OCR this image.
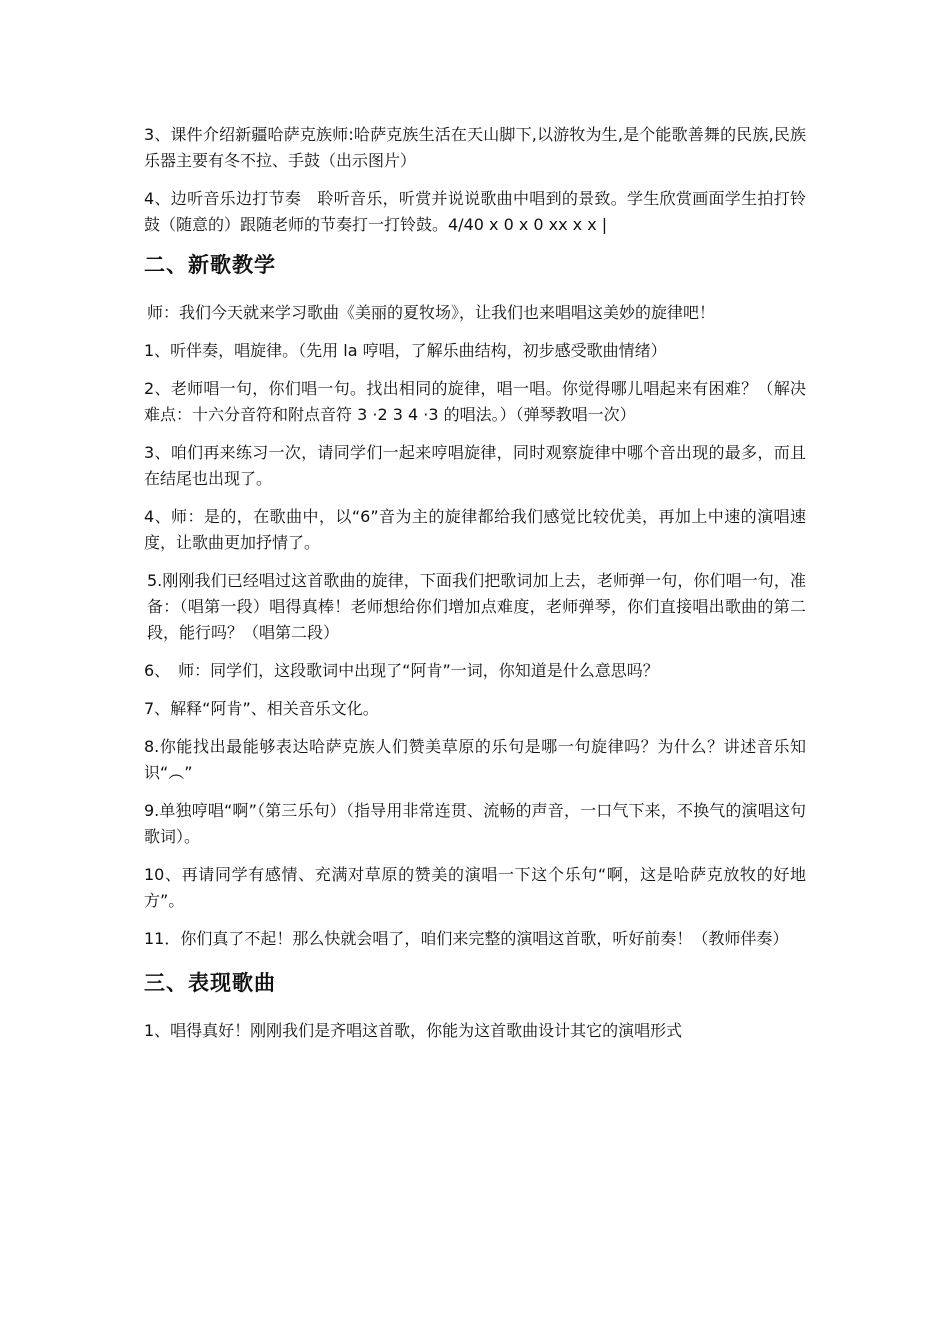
3、课件介绍新疆哈萨克族师:哈萨克族生活在天山脚下,以游牧为生,是个能歌善舞的民族,民族乐器主要有冬不拉、手鼓（出示图片）

4、边听音乐边打节奏　聆听音乐，听赏并说说歌曲中唱到的景致。学生欣赏画面学生拍打铃鼓（随意的）跟随老师的节奏打一打铃鼓。4/40 x 0 x 0 xx x x |

二、新歌教学

师：我们今天就来学习歌曲《美丽的夏牧场》，让我们也来唱唱这美妙的旋律吧！

1、听伴奏，唱旋律。（先用 la 哼唱，了解乐曲结构，初步感受歌曲情绪）

2、老师唱一句，你们唱一句。找出相同的旋律，唱一唱。你觉得哪儿唱起来有困难？（解决难点：十六分音符和附点音符 3 ·2 3 4 ·3 的唱法。）（弹琴教唱一次）

3、咱们再来练习一次，请同学们一起来哼唱旋律，同时观察旋律中哪个音出现的最多，而且在结尾也出现了。

4、师：是的，在歌曲中，以“6”音为主的旋律都给我们感觉比较优美，再加上中速的演唱速度，让歌曲更加抒情了。

5.刚刚我们已经唱过这首歌曲的旋律，下面我们把歌词加上去，老师弹一句，你们唱一句，准备：（唱第一段）唱得真棒！老师想给你们增加点难度，老师弹琴，你们直接唱出歌曲的第二段，能行吗？（唱第二段）

6、　师：同学们，这段歌词中出现了“阿肯”一词，你知道是什么意思吗？

7、解释“阿肯”、相关音乐文化。

8.你能找出最能够表达哈萨克族人们赞美草原的乐句是哪一句旋律吗？为什么？讲述音乐知识“︵”

9.单独哼唱“啊”（第三乐句）（指导用非常连贯、流畅的声音，一口气下来，不换气的演唱这句歌词）。

10、再请同学有感情、充满对草原的赞美的演唱一下这个乐句“啊，这是哈萨克放牧的好地方”。

11．你们真了不起！那么快就会唱了，咱们来完整的演唱这首歌，听好前奏！（教师伴奏）

三、表现歌曲

1、唱得真好！刚刚我们是齐唱这首歌，你能为这首歌曲设计其它的演唱形式
